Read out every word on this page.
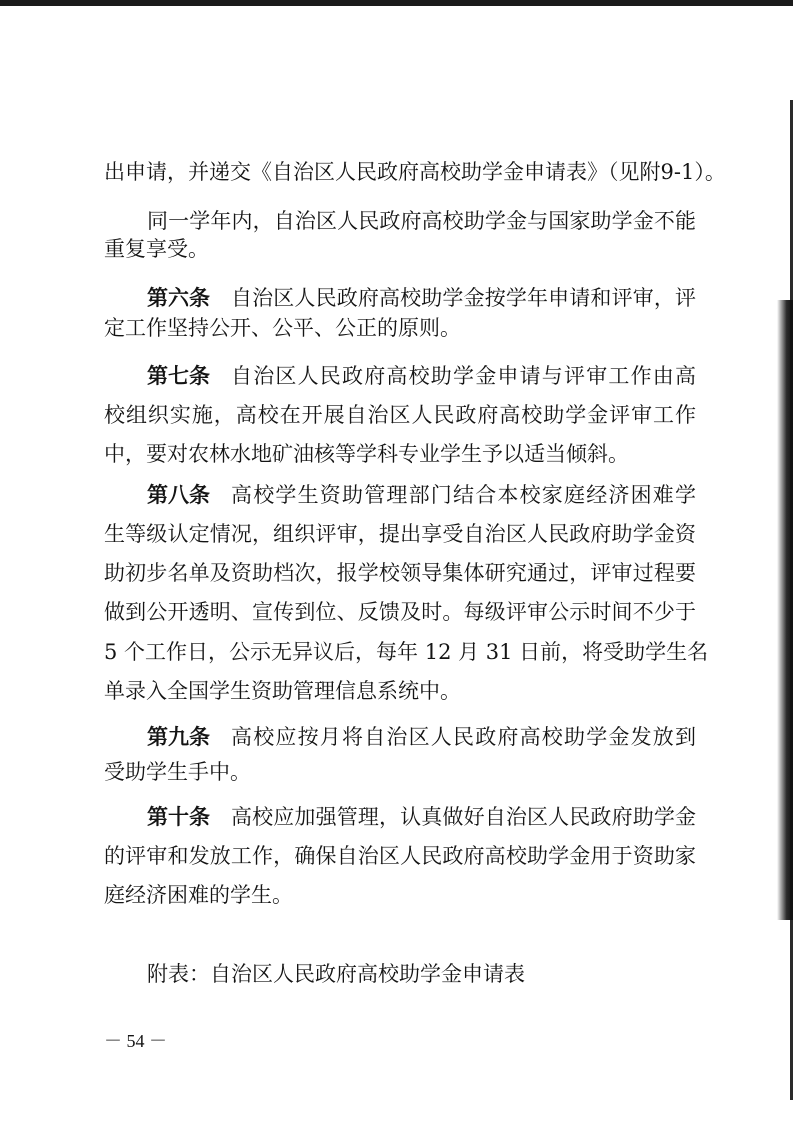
出申请，并递交《自治区人民政府高校助学金申请表》（见附9-1）。

同一学年内，自治区人民政府高校助学金与国家助学金不能

重复享受。

第六条 自治区人民政府高校助学金按学年申请和评审，评

定工作坚持公开、公平、公正的原则。

第七条 自治区人民政府高校助学金申请与评审工作由高

校组织实施，高校在开展自治区人民政府高校助学金评审工作

中，要对农林水地矿油核等学科专业学生予以适当倾斜。

第八条 高校学生资助管理部门结合本校家庭经济困难学

生等级认定情况，组织评审，提出享受自治区人民政府助学金资

助初步名单及资助档次，报学校领导集体研究通过，评审过程要

做到公开透明、宣传到位、反馈及时。每级评审公示时间不少于

5 个工作日，公示无异议后，每年 12 月 31 日前，将受助学生名

单录入全国学生资助管理信息系统中。

第九条 高校应按月将自治区人民政府高校助学金发放到

受助学生手中。

第十条 高校应加强管理，认真做好自治区人民政府助学金

的评审和发放工作，确保自治区人民政府高校助学金用于资助家

庭经济困难的学生。

附表：自治区人民政府高校助学金申请表

－ 54 －
